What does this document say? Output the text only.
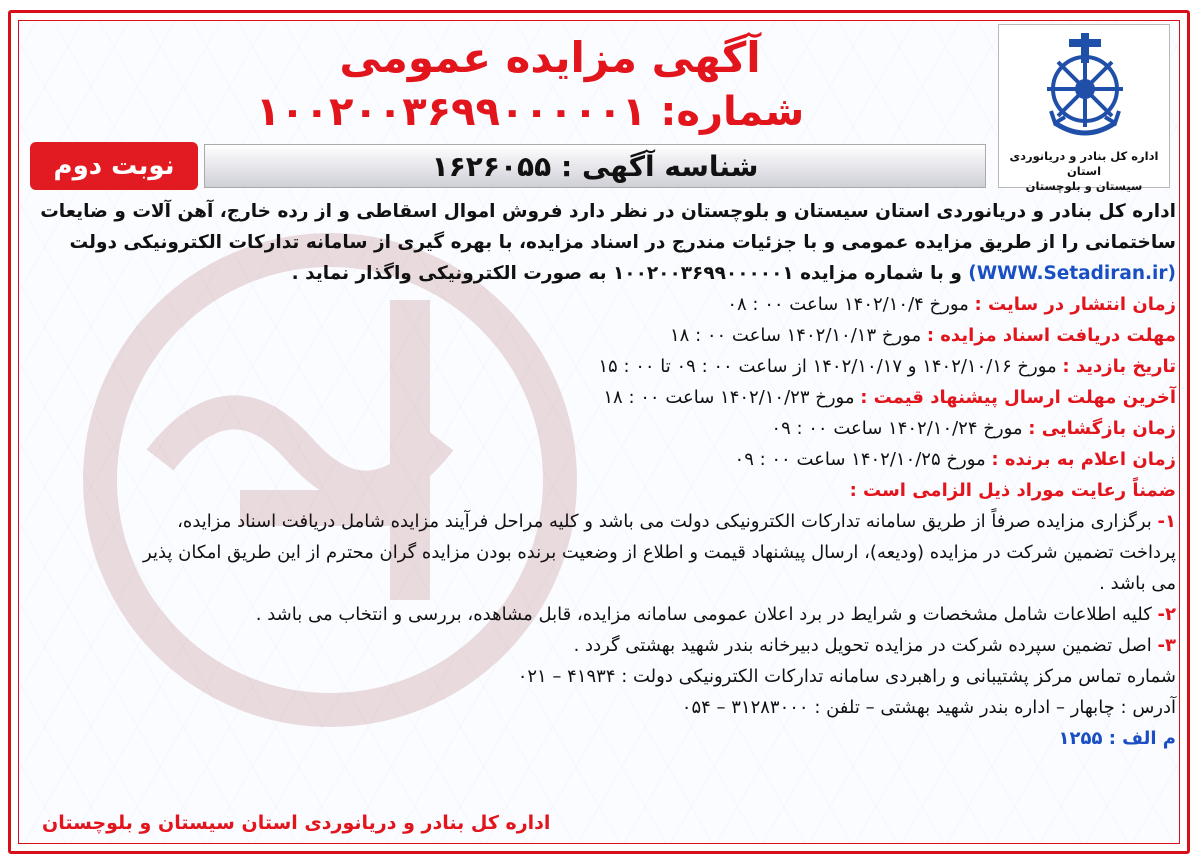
اداره کل بنادر و دریانوردی استان
سیستان و بلوچستان
آگهی مزایده عمومی
شماره: ۱۰۰۲۰۰۳۶۹۹۰۰۰۰۰۱
شناسه آگهی : ۱۶۲۶۰۵۵
نوبت دوم
اداره کل بنادر و دریانوردی استان سیستان و بلوچستان در نظر دارد فروش اموال اسقاطی و از رده خارج، آهن آلات و ضایعات
ساختمانی را از طریق مزایده عمومی و با جزئیات مندرج در اسناد مزایده، با بهره گیری از سامانه تدارکات الکترونیکی دولت
(WWW.Setadiran.ir) و با شماره مزایده ۱۰۰۲۰۰۳۶۹۹۰۰۰۰۰۱ به صورت الکترونیکی واگذار نماید .
زمان انتشار در سایت : مورخ ۱۴۰۲/۱۰/۴ ساعت ۰۰ : ۰۸
مهلت دریافت اسناد مزایده : مورخ ۱۴۰۲/۱۰/۱۳ ساعت ۰۰ : ۱۸
تاریخ بازدید : مورخ ۱۴۰۲/۱۰/۱۶ و ۱۴۰۲/۱۰/۱۷ از ساعت ۰۰ : ۰۹ تا ۰۰ : ۱۵
آخرین مهلت ارسال پیشنهاد قیمت : مورخ ۱۴۰۲/۱۰/۲۳ ساعت ۰۰ : ۱۸
زمان بازگشایی : مورخ ۱۴۰۲/۱۰/۲۴ ساعت ۰۰ : ۰۹
زمان اعلام به برنده : مورخ ۱۴۰۲/۱۰/۲۵ ساعت ۰۰ : ۰۹
ضمناً رعایت موراد ذیل الزامی است :
۱- برگزاری مزایده صرفاً از طریق سامانه تدارکات الکترونیکی دولت می باشد و کلیه مراحل فرآیند مزایده شامل دریافت اسناد مزایده،
پرداخت تضمین شرکت در مزایده (ودیعه)، ارسال پیشنهاد قیمت و اطلاع از وضعیت برنده بودن مزایده گران محترم از این طریق امکان پذیر
می باشد .
۲- کلیه اطلاعات شامل مشخصات و شرایط در برد اعلان عمومی سامانه مزایده، قابل مشاهده، بررسی و انتخاب می باشد .
۳- اصل تضمین سپرده شرکت در مزایده تحویل دبیرخانه بندر شهید بهشتی گردد .
شماره تماس مرکز پشتیبانی و راهبردی سامانه تدارکات الکترونیکی دولت : ۴۱۹۳۴ – ۰۲۱
آدرس : چابهار – اداره بندر شهید بهشتی – تلفن : ۳۱۲۸۳۰۰۰ – ۰۵۴
م الف : ۱۲۵۵
اداره کل بنادر و دریانوردی استان سیستان و بلوچستان
